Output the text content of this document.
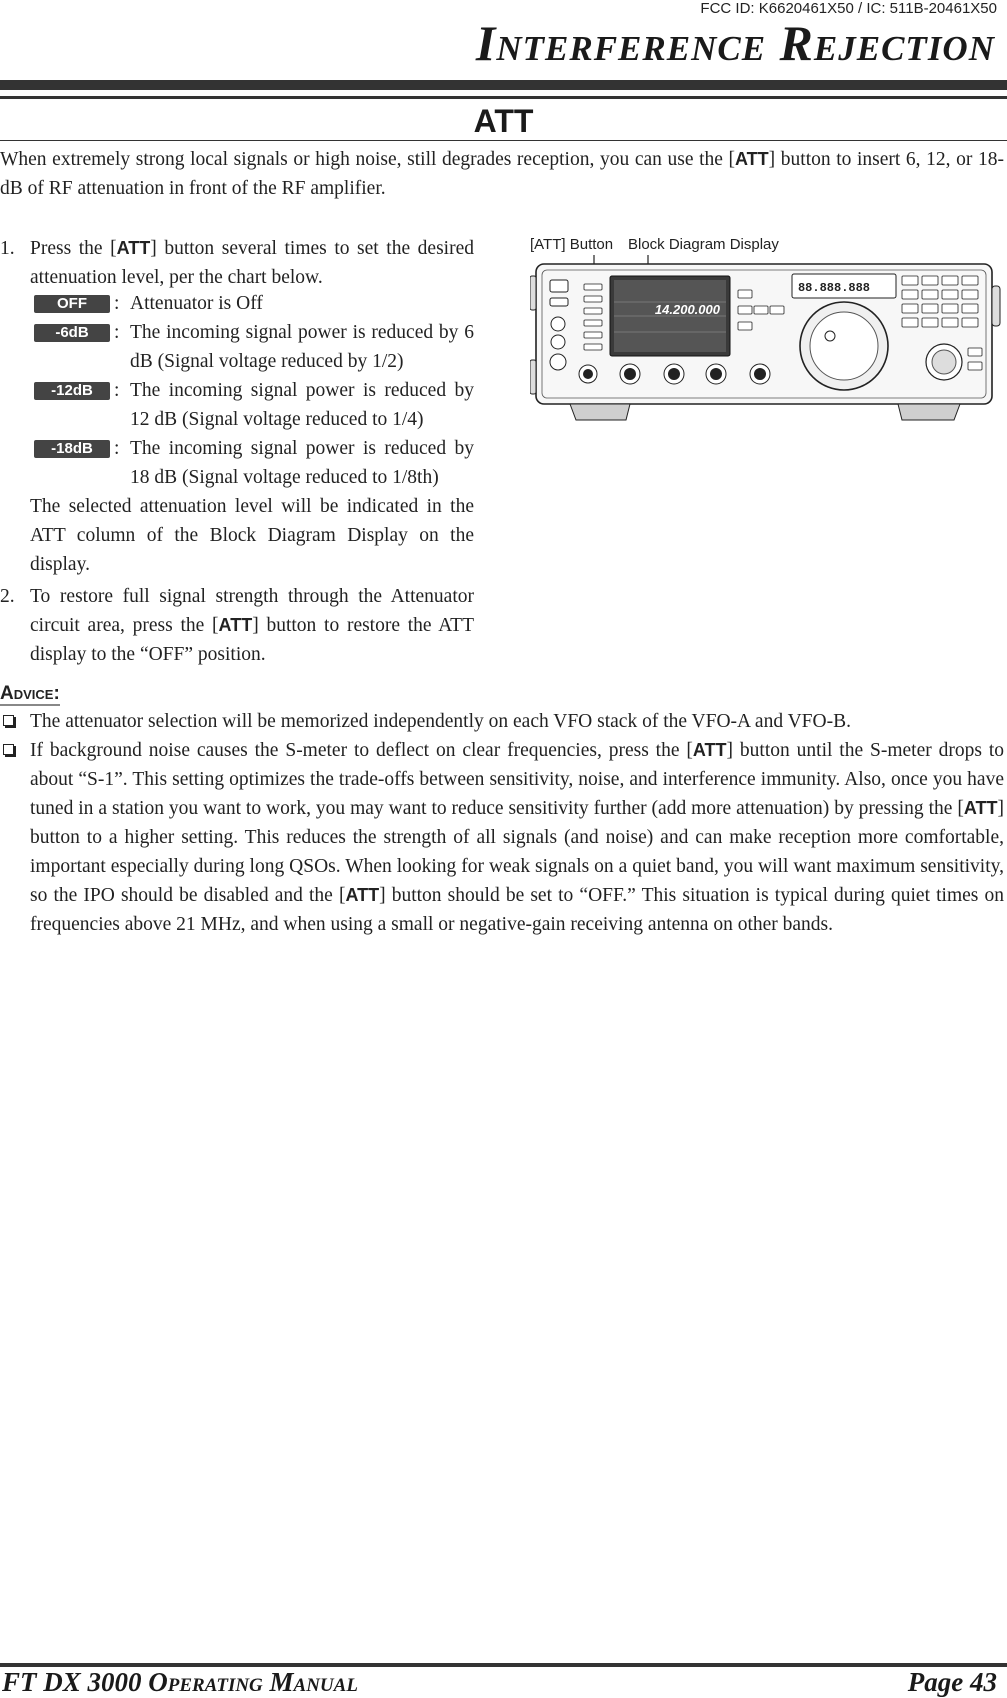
FCC ID: K6620461X50 / IC: 511B-20461X50
Interference Rejection
ATT
When extremely strong local signals or high noise, still degrades reception, you can use the [ATT] button to insert 6, 12, or 18-dB of RF attenuation in front of the RF amplifier.
1. Press the [ATT] button several times to set the desired attenuation level, per the chart below.
OFF	: Attenuator is Off
-6dB	: The incoming signal power is reduced by 6 dB (Signal voltage reduced by 1/2)
-12dB	: The incoming signal power is reduced by 12 dB (Signal voltage reduced to 1/4)
-18dB	: The incoming signal power is reduced by 18 dB (Signal voltage reduced to 1/8th)
The selected attenuation level will be indicated in the ATT column of the Block Diagram Display on the display.
2. To restore full signal strength through the Attenuator circuit area, press the [ATT] button to restore the ATT display to the “OFF” position.
[ATT] Button Block Diagram Display
14.200.000
88.888.888
Advice:
The attenuator selection will be memorized independently on each VFO stack of the VFO-A and VFO-B.
If background noise causes the S-meter to deflect on clear frequencies, press the [ATT] button until the S-meter drops to about “S-1”. This setting optimizes the trade-offs between sensitivity, noise, and interference immunity. Also, once you have tuned in a station you want to work, you may want to reduce sensitivity further (add more attenuation) by pressing the [ATT] button to a higher setting. This reduces the strength of all signals (and noise) and can make reception more comfortable, important especially during long QSOs. When looking for weak signals on a quiet band, you will want maximum sensitivity, so the IPO should be disabled and the [ATT] button should be set to “OFF.” This situation is typical during quiet times on frequencies above 21 MHz, and when using a small or negative-gain receiving antenna on other bands.
FT DX 3000 Operating Manual	Page 43
